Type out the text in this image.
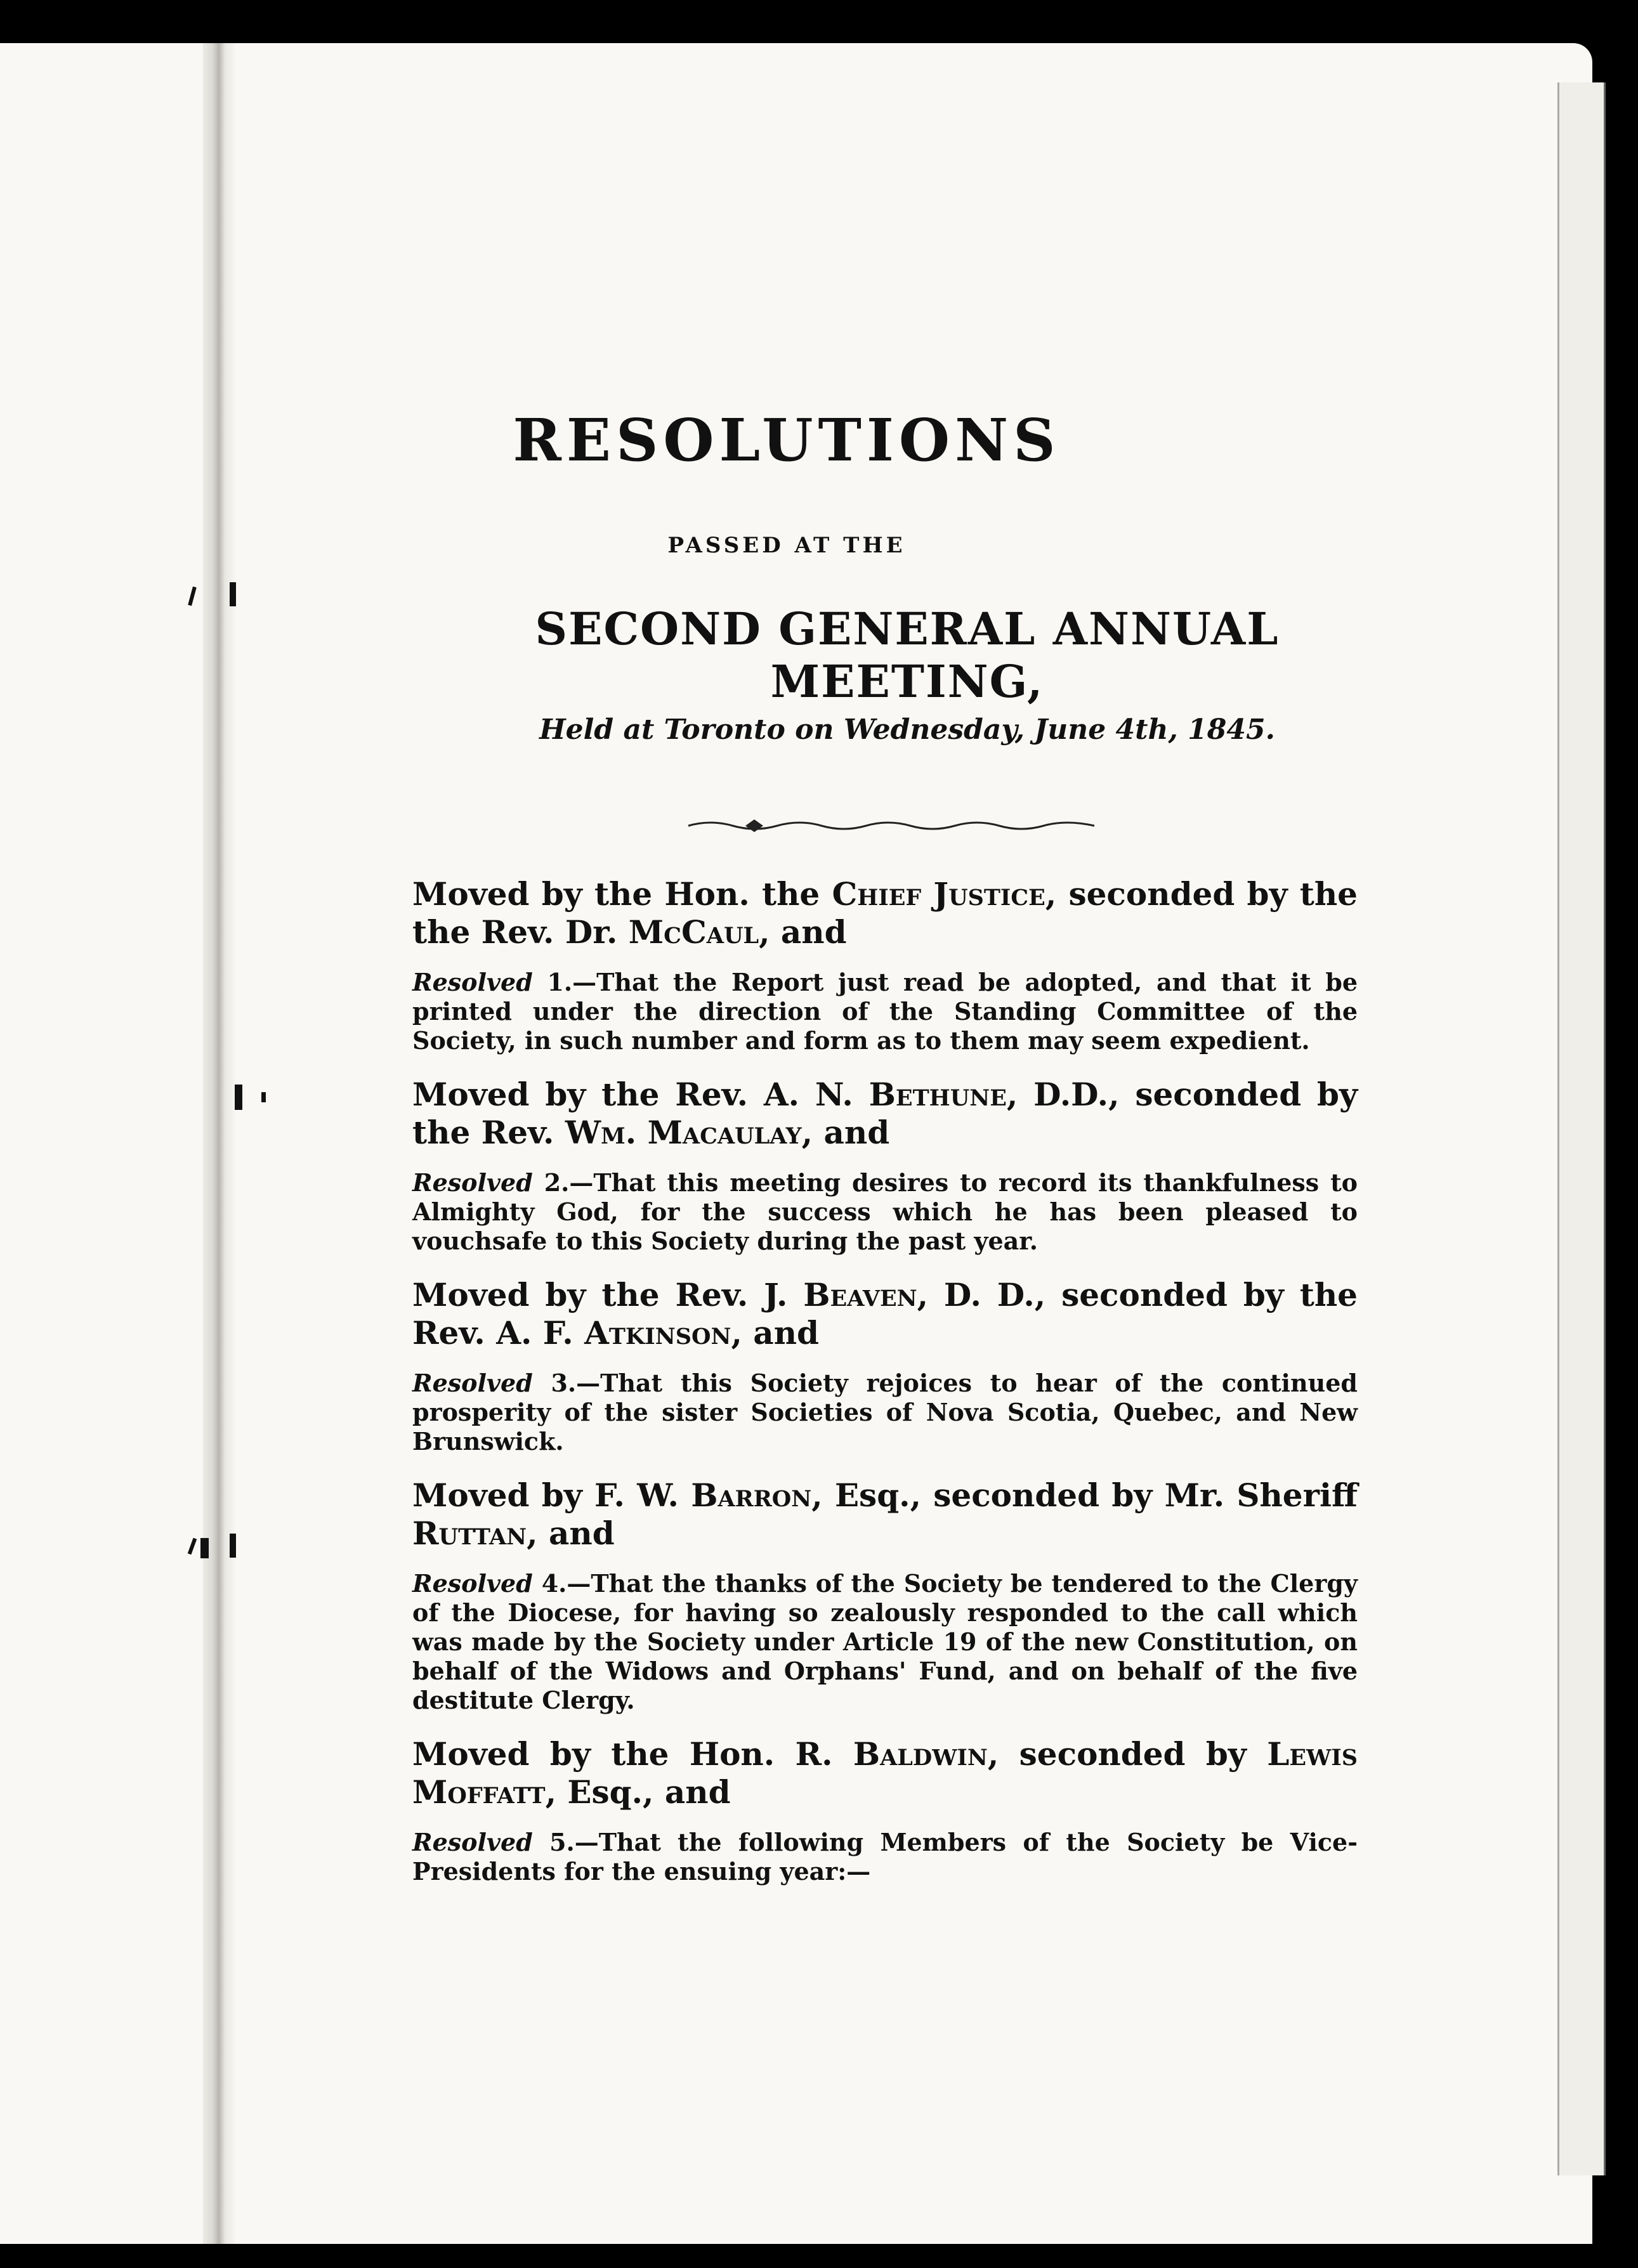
RESOLUTIONS
PASSED AT THE
SECOND GENERAL ANNUAL MEETING,
Held at Toronto on Wednesday, June 4th, 1845.

Moved by the Hon. the Chief Justice, seconded by the the Rev. Dr. McCaul, and

Resolved 1.—That the Report just read be adopted, and that it be printed under the direction of the Standing Committee of the Society, in such number and form as to them may seem expedient.

Moved by the Rev. A. N. Bethune, D.D., seconded by the Rev. Wm. Macaulay, and

Resolved 2.—That this meeting desires to record its thankfulness to Almighty God, for the success which he has been pleased to vouchsafe to this Society during the past year.

Moved by the Rev. J. Beaven, D. D., seconded by the Rev. A. F. Atkinson, and

Resolved 3.—That this Society rejoices to hear of the continued prosperity of the sister Societies of Nova Scotia, Quebec, and New Brunswick.

Moved by F. W. Barron, Esq., seconded by Mr. Sheriff Ruttan, and

Resolved 4.—That the thanks of the Society be tendered to the Clergy of the Diocese, for having so zealously responded to the call which was made by the Society under Article 19 of the new Constitution, on behalf of the Widows and Orphans' Fund, and on behalf of the five destitute Clergy.

Moved by the Hon. R. Baldwin, seconded by Lewis Moffatt, Esq., and

Resolved 5.—That the following Members of the Society be Vice-Presidents for the ensuing year:—
